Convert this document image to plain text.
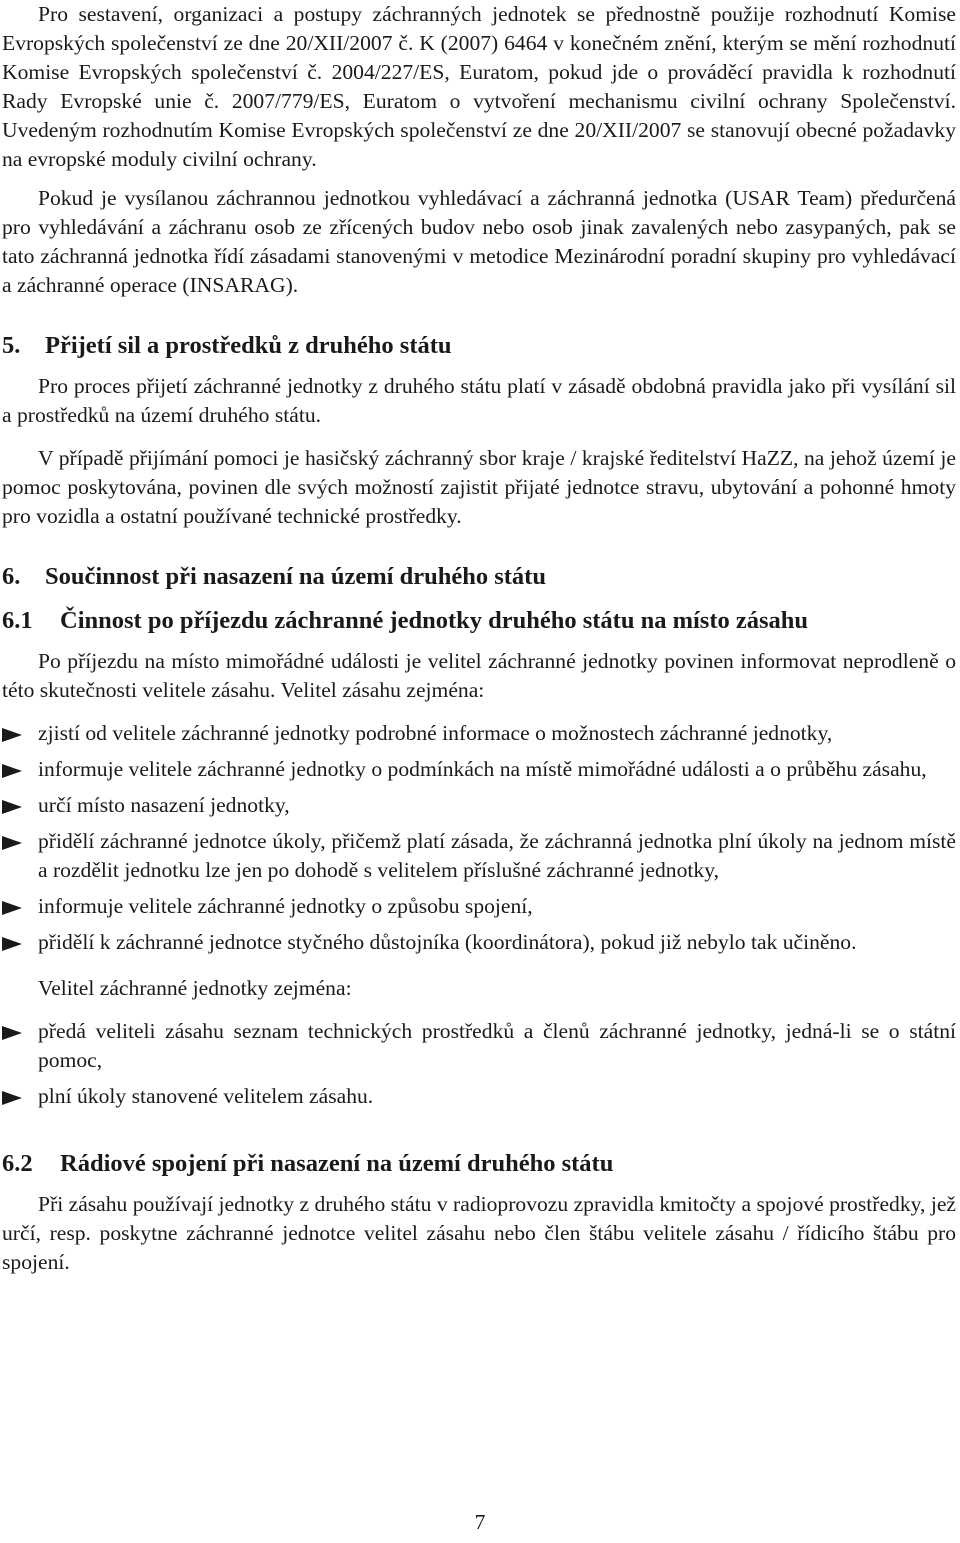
Pro sestavení, organizaci a postupy záchranných jednotek se přednostně použije rozhodnutí Komise Evropských společenství ze dne 20/XII/2007 č. K (2007) 6464 v konečném znění, kterým se mění rozhodnutí Komise Evropských společenství č. 2004/227/ES, Euratom, pokud jde o prováděcí pravidla k rozhodnutí Rady Evropské unie č. 2007/779/ES, Euratom o vytvoření mechanismu civilní ochrany Společenství. Uvedeným rozhodnutím Komise Evropských společenství ze dne 20/XII/2007 se stanovují obecné požadavky na evropské moduly civilní ochrany.

Pokud je vysílanou záchrannou jednotkou vyhledávací a záchranná jednotka (USAR Team) předurčená pro vyhledávání a záchranu osob ze zřícených budov nebo osob jinak zavalených nebo zasypaných, pak se tato záchranná jednotka řídí zásadami stanovenými v metodice Mezinárodní poradní skupiny pro vyhledávací a záchranné operace (INSARAG).

5.	Přijetí sil a prostředků z druhého státu

Pro proces přijetí záchranné jednotky z druhého státu platí v zásadě obdobná pravidla jako při vysílání sil a prostředků na území druhého státu.

V případě přijímání pomoci je hasičský záchranný sbor kraje / krajské ředitelství HaZZ, na jehož území je pomoc poskytována, povinen dle svých možností zajistit přijaté jednotce stravu, ubytování a pohonné hmoty pro vozidla a ostatní používané technické prostředky.

6.	Součinnost při nasazení na území druhého státu
6.1	Činnost po příjezdu záchranné jednotky druhého státu na místo zásahu

Po příjezdu na místo mimořádné události je velitel záchranné jednotky povinen informovat neprodleně o této skutečnosti velitele zásahu. Velitel zásahu zejména:

zjistí od velitele záchranné jednotky podrobné informace o možnostech záchranné jednotky,
informuje velitele záchranné jednotky o podmínkách na místě mimořádné události a o průběhu zásahu,
určí místo nasazení jednotky,
přidělí záchranné jednotce úkoly, přičemž platí zásada, že záchranná jednotka plní úkoly na jednom místě a rozdělit jednotku lze jen po dohodě s velitelem příslušné záchranné jednotky,
informuje velitele záchranné jednotky o způsobu spojení,
přidělí k záchranné jednotce styčného důstojníka (koordinátora), pokud již nebylo tak učiněno.

Velitel záchranné jednotky zejména:

předá veliteli zásahu seznam technických prostředků a členů záchranné jednotky, jedná-li se o státní pomoc,
plní úkoly stanovené velitelem zásahu.
6.2	Rádiové spojení při nasazení na území druhého státu

Při zásahu používají jednotky z druhého státu v radioprovozu zpravidla kmitočty a spojové prostředky, jež určí, resp. poskytne záchranné jednotce velitel zásahu nebo člen štábu velitele zásahu / řídicího štábu pro spojení.

7
